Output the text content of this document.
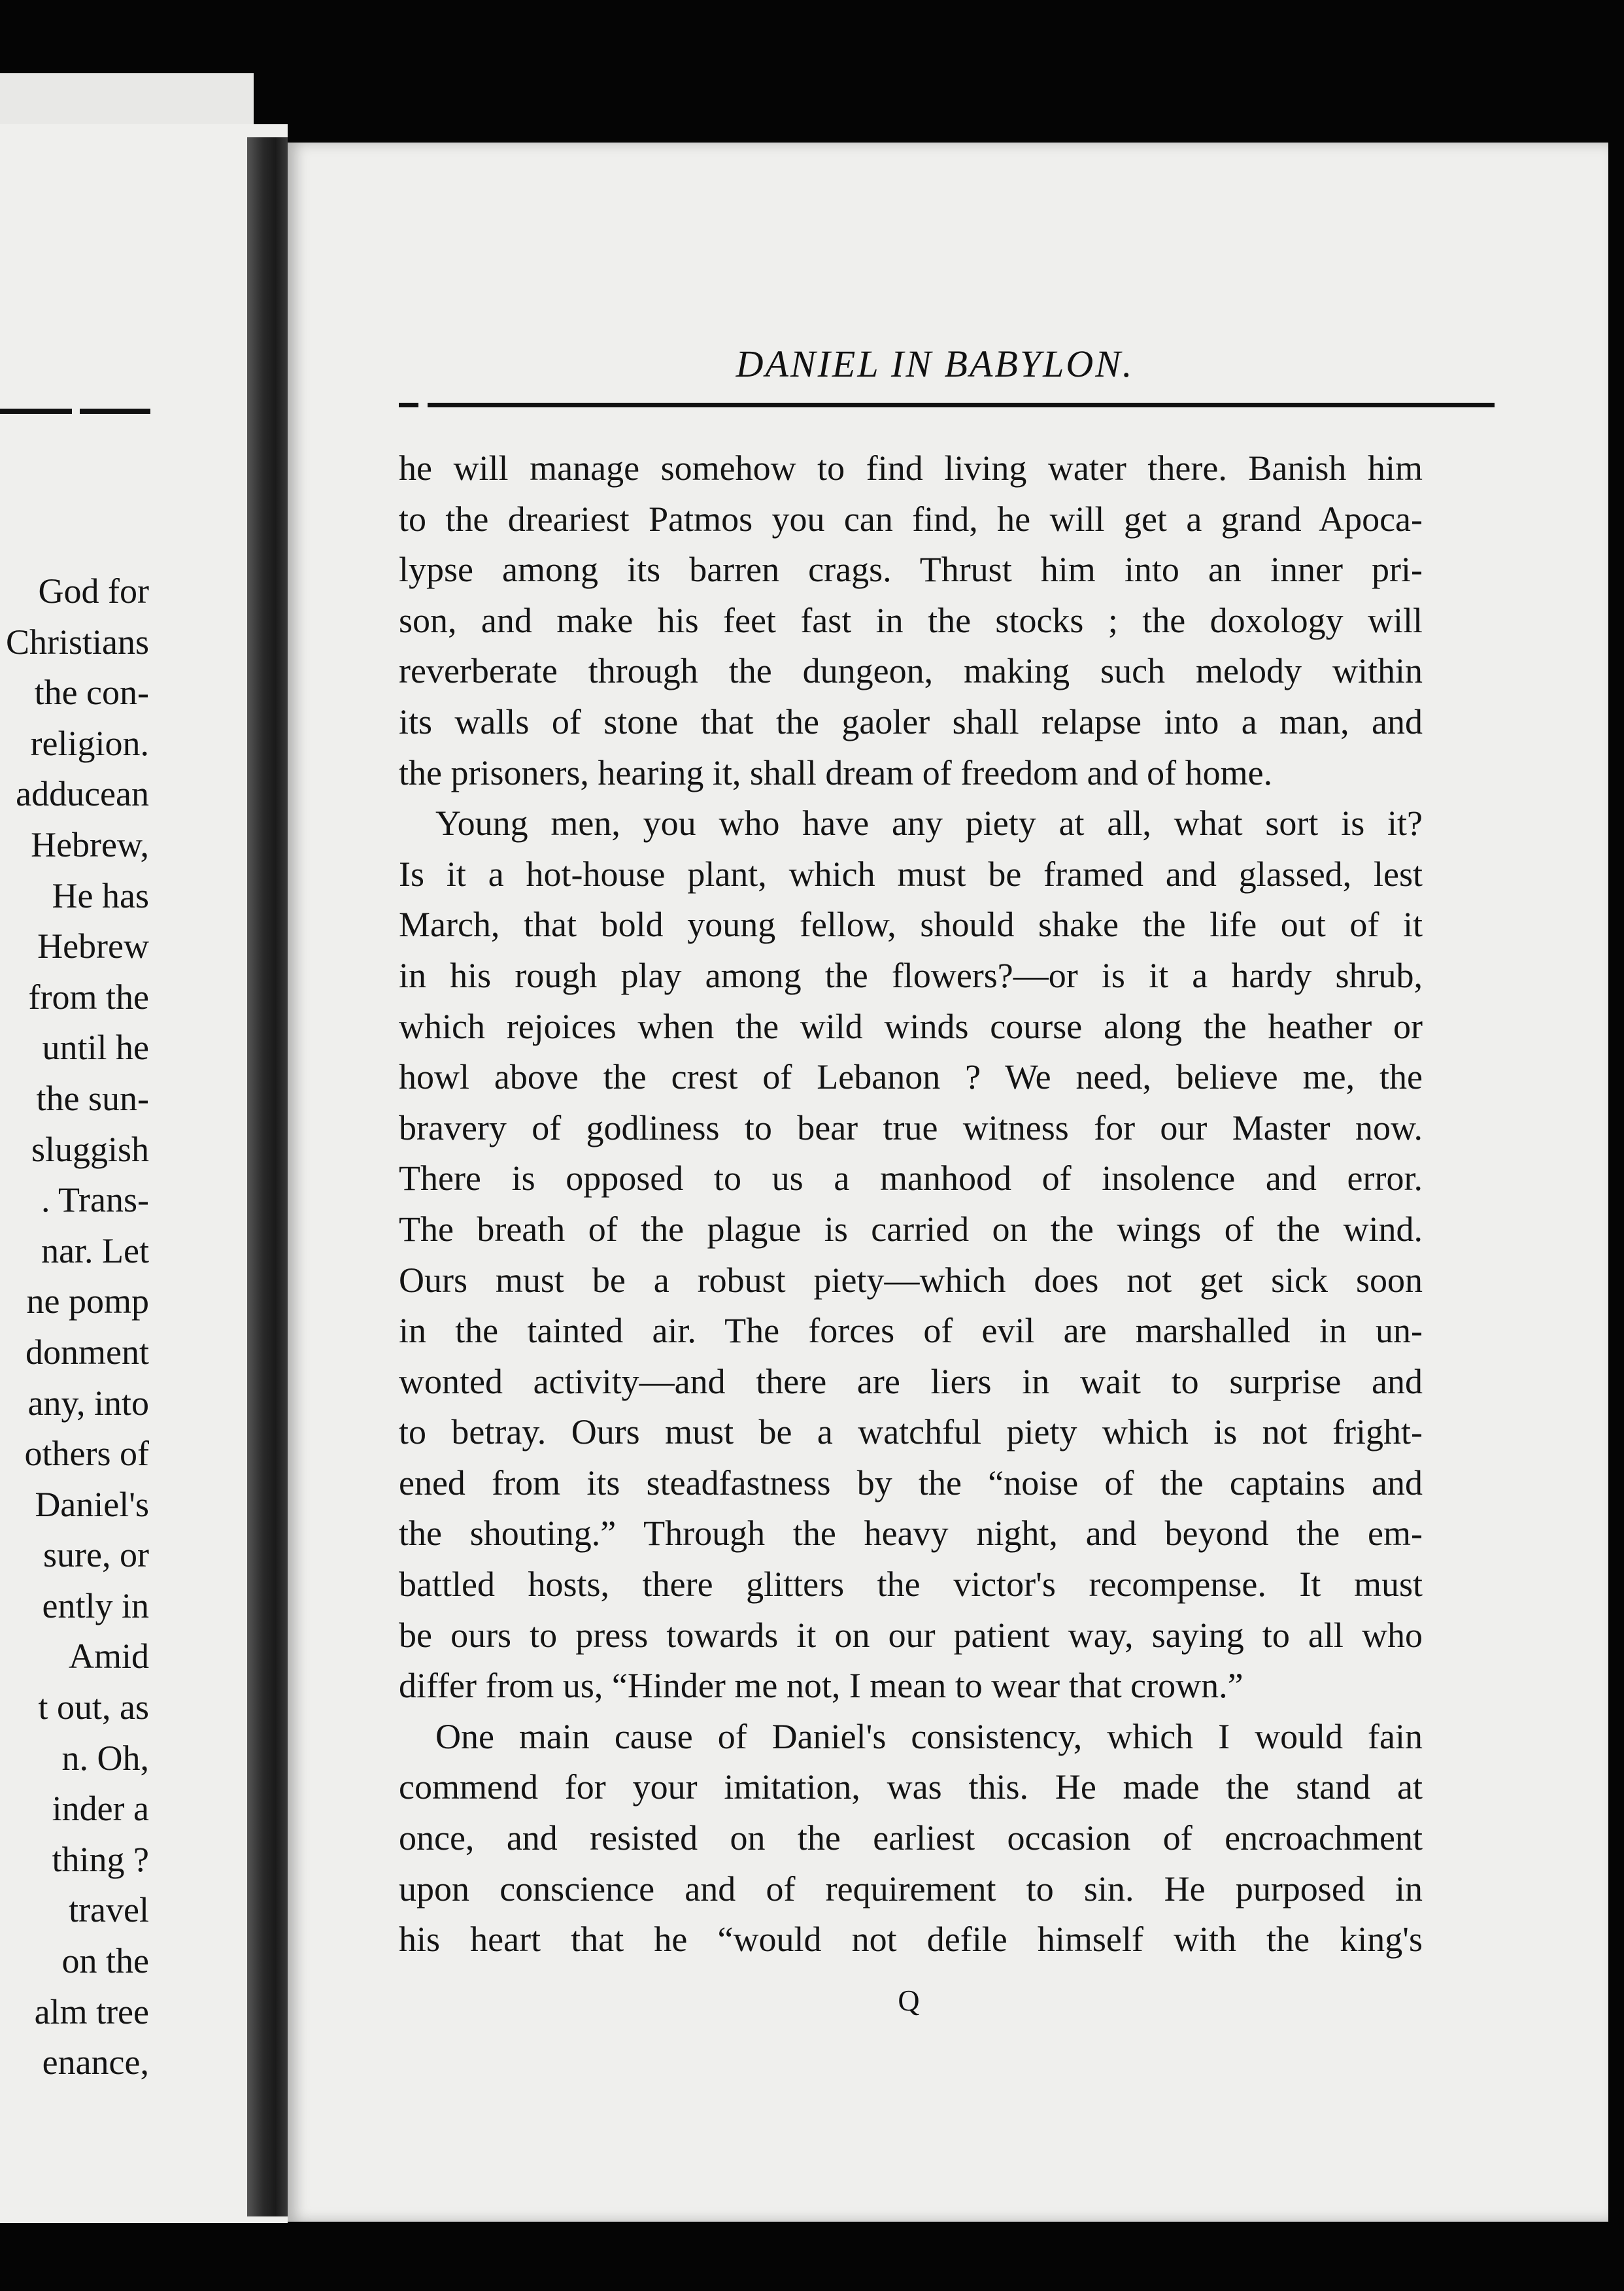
God for
Christians
the con-
religion.
adducean
Hebrew,
He has
Hebrew
from the
until he
the sun-
sluggish
. Trans-
nar. Let
ne pomp
donment
any, into
others of
Daniel's
sure, or
ently in
Amid
t out, as
n. Oh,
inder a
thing ?
travel
on the
alm tree
enance,
DANIEL IN BABYLON.
he will manage somehow to find living water there. Banish him
to the dreariest Patmos you can find, he will get a grand Apoca-
lypse among its barren crags. Thrust him into an inner pri-
son, and make his feet fast in the stocks ; the doxology will
reverberate through the dungeon, making such melody within
its walls of stone that the gaoler shall relapse into a man, and
the prisoners, hearing it, shall dream of freedom and of home.
Young men, you who have any piety at all, what sort is it?
Is it a hot-house plant, which must be framed and glassed, lest
March, that bold young fellow, should shake the life out of it
in his rough play among the flowers?—or is it a hardy shrub,
which rejoices when the wild winds course along the heather or
howl above the crest of Lebanon ? We need, believe me, the
bravery of godliness to bear true witness for our Master now.
There is opposed to us a manhood of insolence and error.
The breath of the plague is carried on the wings of the wind.
Ours must be a robust piety—which does not get sick soon
in the tainted air. The forces of evil are marshalled in un-
wonted activity—and there are liers in wait to surprise and
to betray. Ours must be a watchful piety which is not fright-
ened from its steadfastness by the “noise of the captains and
the shouting.” Through the heavy night, and beyond the em-
battled hosts, there glitters the victor's recompense. It must
be ours to press towards it on our patient way, saying to all who
differ from us, “Hinder me not, I mean to wear that crown.”
One main cause of Daniel's consistency, which I would fain
commend for your imitation, was this. He made the stand at
once, and resisted on the earliest occasion of encroachment
upon conscience and of requirement to sin. He purposed in
his heart that he “would not defile himself with the king's
Q
